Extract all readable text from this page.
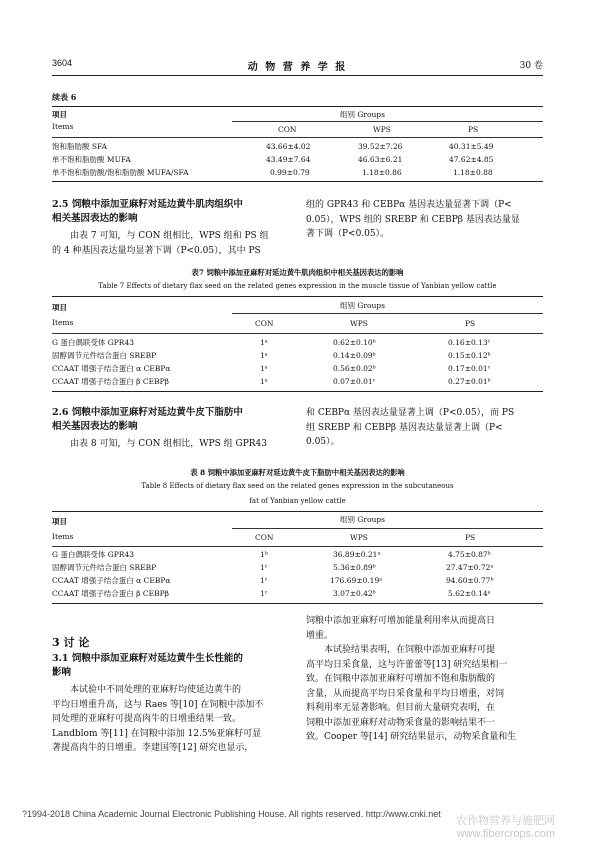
3604	动 物 营 养 学 报	30 卷
续表 6
项目
Items
组别 Groups
CON	WPS	PS
饱和脂肪酸 SFA	43.66±4.02	39.52±7.26	40.31±5.49
单不饱和脂肪酸 MUFA	43.49±7.64	46.63±6.21	47.62±4.85
单不饱和脂肪酸/饱和脂肪酸 MUFA/SFA	0.99±0.79	1.18±0.86	1.18±0.88
2.5 饲粮中添加亚麻籽对延边黄牛肌肉组织中
相关基因表达的影响
由表 7 可知，与 CON 组相比，WPS 组和 PS 组
的 4 种基因表达量均显著下调（P<0.05），其中 PS
组的 GPR43 和 CEBPα 基因表达量显著下调（P<
0.05），WPS 组的 SREBP 和 CEBPβ 基因表达量显
著下调（P<0.05）。
表7 饲粮中添加亚麻籽对延边黄牛肌肉组织中相关基因表达的影响
Table 7 Effects of dietary flax seed on the related genes expression in the muscle tissue of Yanbian yellow cattle
项目
Items
组别 Groups
CON	WPS	PS
G 蛋白偶联受体 GPR43	1ᵃ	0.62±0.10ᵇ	0.16±0.13ᶜ
固醇调节元件结合蛋白 SREBP	1ᵃ	0.14±0.09ᵇ	0.15±0.12ᵇ
CCAAT 增强子结合蛋白 α CEBPα	1ᵃ	0.56±0.02ᵇ	0.17±0.01ᶜ
CCAAT 增强子结合蛋白 β CEBPβ	1ᵃ	0.07±0.01ᶜ	0.27±0.01ᵇ
2.6 饲粮中添加亚麻籽对延边黄牛皮下脂肪中
相关基因表达的影响
由表 8 可知，与 CON 组相比，WPS 组 GPR43
和 CEBPα 基因表达量显著上调（P<0.05），而 PS
组 SREBP 和 CEBPβ 基因表达量显著上调（P<
0.05）。
表 8 饲粮中添加亚麻籽对延边黄牛皮下脂肪中相关基因表达的影响
Table 8 Effects of dietary flax seed on the related genes expression in the subcutaneous
fat of Yanbian yellow cattle
项目
Items
组别 Groups
CON	WPS	PS
G 蛋白偶联受体 GPR43	1ᵇ	36.89±0.21ᵃ	4.75±0.87ᵇ
固醇调节元件结合蛋白 SREBP	1ᶜ	5.36±0.89ᵇ	27.47±0.72ᵃ
CCAAT 增强子结合蛋白 α CEBPα	1ᶜ	176.69±0.19ᵃ	94.60±0.77ᵇ
CCAAT 增强子结合蛋白 β CEBPβ	1ᶜ	3.07±0.42ᵇ	5.62±0.14ᵃ
3 讨 论
3.1 饲粮中添加亚麻籽对延边黄牛生长性能的
影响
本试验中不同处理的亚麻籽均使延边黄牛的
平均日增重升高，这与 Raes 等[10] 在饲粮中添加不
同处理的亚麻籽可提高肉牛的日增重结果一致。
Landblom 等[11] 在饲粮中添加 12.5%亚麻籽可显
著提高肉牛的日增重。李建国等[12] 研究也显示，
饲粮中添加亚麻籽可增加能量利用率从而提高日
增重。
本试验结果表明，在饲粮中添加亚麻籽可提
高平均日采食量，这与许蕾蕾等[13] 研究结果相一
致。在饲粮中添加亚麻籽可增加不饱和脂肪酸的
含量，从而提高平均日采食量和平均日增重，对饲
料利用率无显著影响。但目前大量研究表明，在
饲粮中添加亚麻籽对动物采食量的影响结果不一
致。Cooper 等[14] 研究结果显示，动物采食量和生
?1994-2018 China Academic Journal Electronic Publishing House. All rights reserved. http://www.cnki.net
农作物营养与施肥网
www.fibercrops.com
